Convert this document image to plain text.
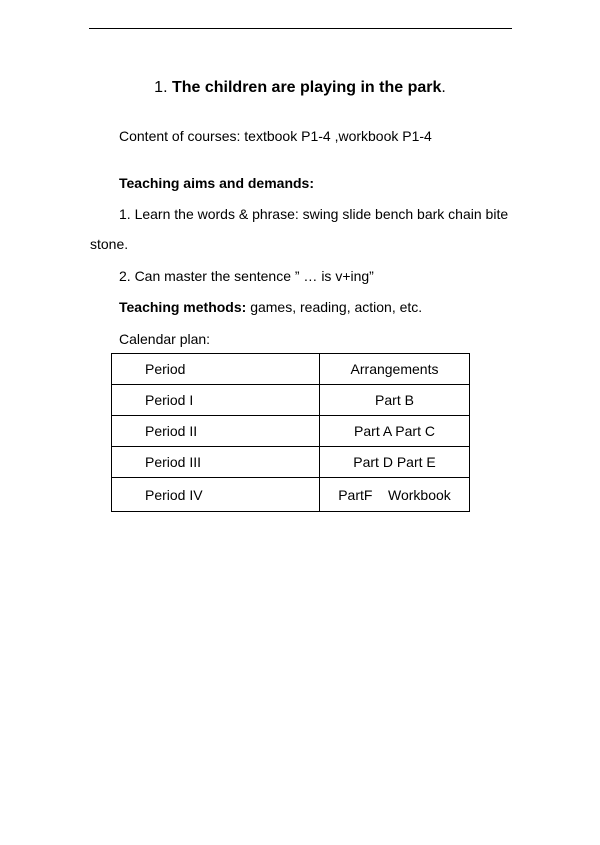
1. The children are playing in the park.
Content of courses: textbook P1-4 ,workbook P1-4
Teaching aims and demands:
1. Learn the words & phrase: swing slide bench bark chain bite
stone.
2. Can master the sentence ” … is v+ing”
Teaching methods: games, reading, action, etc.
Calendar plan:
Period	Arrangements
Period I	Part B
Period II	Part A Part C
Period III	Part D Part E
Period IV	PartF    Workbook
